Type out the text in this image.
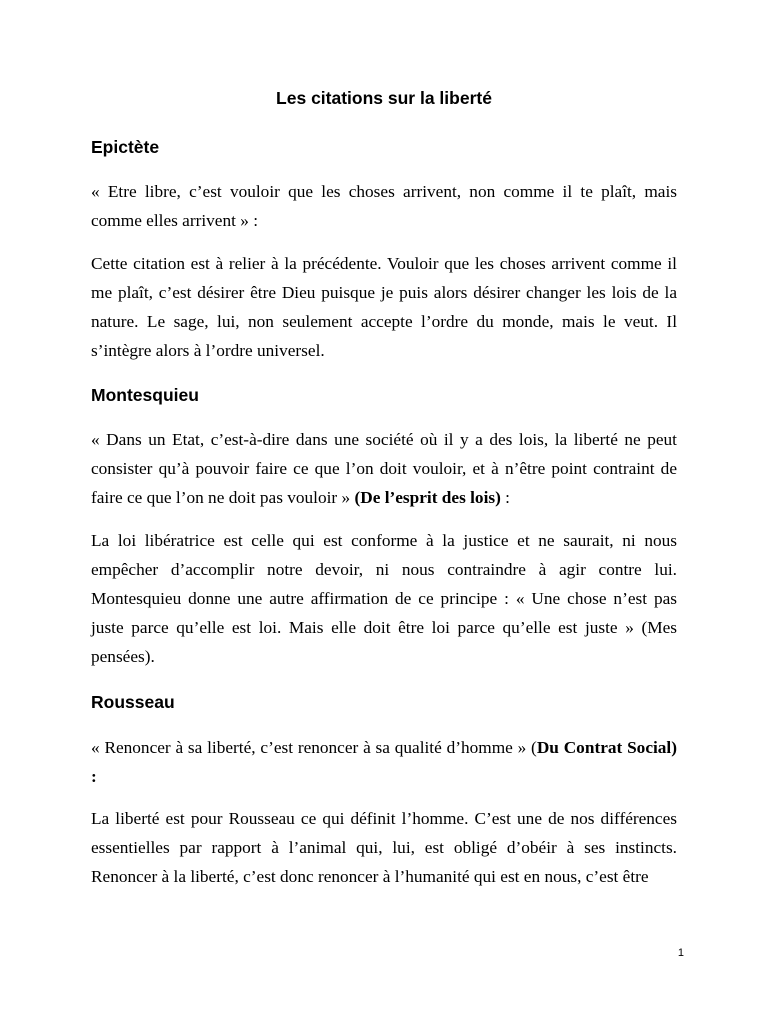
Les citations sur la liberté
Epictète

« Etre libre, c’est vouloir que les choses arrivent, non comme il te plaît, mais comme elles arrivent » :

Cette citation est à relier à la précédente. Vouloir que les choses arrivent comme il me plaît, c’est désirer être Dieu puisque je puis alors désirer changer les lois de la nature. Le sage, lui, non seulement accepte l’ordre du monde, mais le veut. Il s’intègre alors à l’ordre universel.

Montesquieu

« Dans un Etat, c’est-à-dire dans une société où il y a des lois, la liberté ne peut consister qu’à pouvoir faire ce que l’on doit vouloir, et à n’être point contraint de faire ce que l’on ne doit pas vouloir » (De l’esprit des lois) :

La loi libératrice est celle qui est conforme à la justice et ne saurait, ni nous empêcher d’accomplir notre devoir, ni nous contraindre à agir contre lui. Montesquieu donne une autre affirmation de ce principe : « Une chose n’est pas juste parce qu’elle est loi. Mais elle doit être loi parce qu’elle est juste » (Mes pensées).

Rousseau

« Renoncer à sa liberté, c’est renoncer à sa qualité d’homme » (Du Contrat Social) :

La liberté est pour Rousseau ce qui définit l’homme. C’est une de nos différences essentielles par rapport à l’animal qui, lui, est obligé d’obéir à ses instincts. Renoncer à la liberté, c’est donc renoncer à l’humanité qui est en nous, c’est être

1
